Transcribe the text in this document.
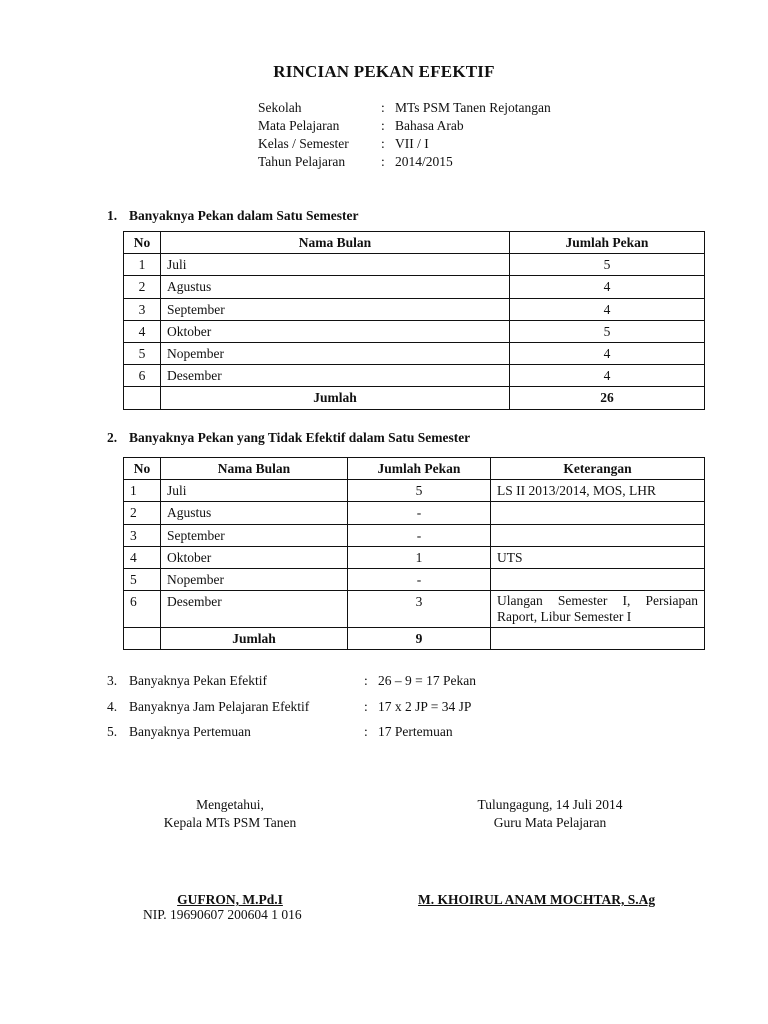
RINCIAN PEKAN EFEKTIF
Sekolah	: MTs PSM Tanen Rejotangan
Mata Pelajaran	: Bahasa Arab
Kelas / Semester : VII / I
Tahun Pelajaran	: 2014/2015
1. Banyaknya Pekan dalam Satu Semester
No	Nama Bulan	Jumlah Pekan
1	Juli	5
2	Agustus	4
3	September	4
4	Oktober	5
5	Nopember	4
6	Desember	4
	Jumlah	26
2. Banyaknya Pekan yang Tidak Efektif dalam Satu Semester
No	Nama Bulan	Jumlah Pekan	Keterangan
1	Juli	5	LS II 2013/2014, MOS, LHR
2	Agustus	-	
3	September	-	
4	Oktober	1	UTS
5	Nopember	-	
6	Desember	3	Ulangan Semester I, Persiapan Raport, Libur Semester I
	Jumlah	9	
3. Banyaknya Pekan Efektif	: 26 – 9 = 17 Pekan
4. Banyaknya Jam Pelajaran Efektif	: 17 x 2 JP = 34 JP
5. Banyaknya Pertemuan	: 17 Pertemuan
Mengetahui,
Kepala MTs PSM Tanen
Tulungagung, 14 Juli 2014
Guru Mata Pelajaran
GUFRON, M.Pd.I
NIP. 19690607 200604 1 016
M. KHOIRUL ANAM MOCHTAR, S.Ag
